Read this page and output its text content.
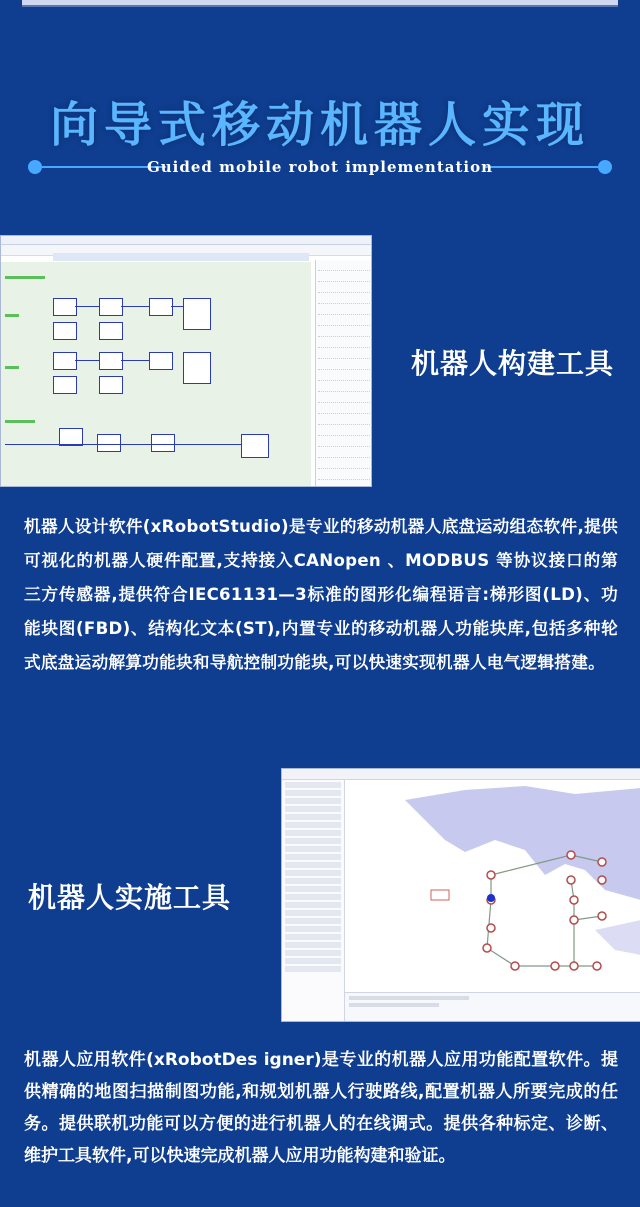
向导式移动机器人实现
Guided mobile robot implementation
机器人构建工具
机器人设计软件(xRobotStudio)是专业的移动机器人底盘运动组态软件,提供可视化的机器人硬件配置,支持接入CANopen 、MODBUS 等协议接口的第三方传感器,提供符合IEC61131—3标准的图形化编程语言:梯形图(LD)、功能块图(FBD)、结构化文本(ST),内置专业的移动机器人功能块库,包括多种轮式底盘运动解算功能块和导航控制功能块,可以快速实现机器人电气逻辑搭建。
机器人实施工具
机器人应用软件(xRobotDes igner)是专业的机器人应用功能配置软件。提供精确的地图扫描制图功能,和规划机器人行驶路线,配置机器人所要完成的任务。提供联机功能可以方便的进行机器人的在线调式。提供各种标定、诊断、维护工具软件,可以快速完成机器人应用功能构建和验证。
